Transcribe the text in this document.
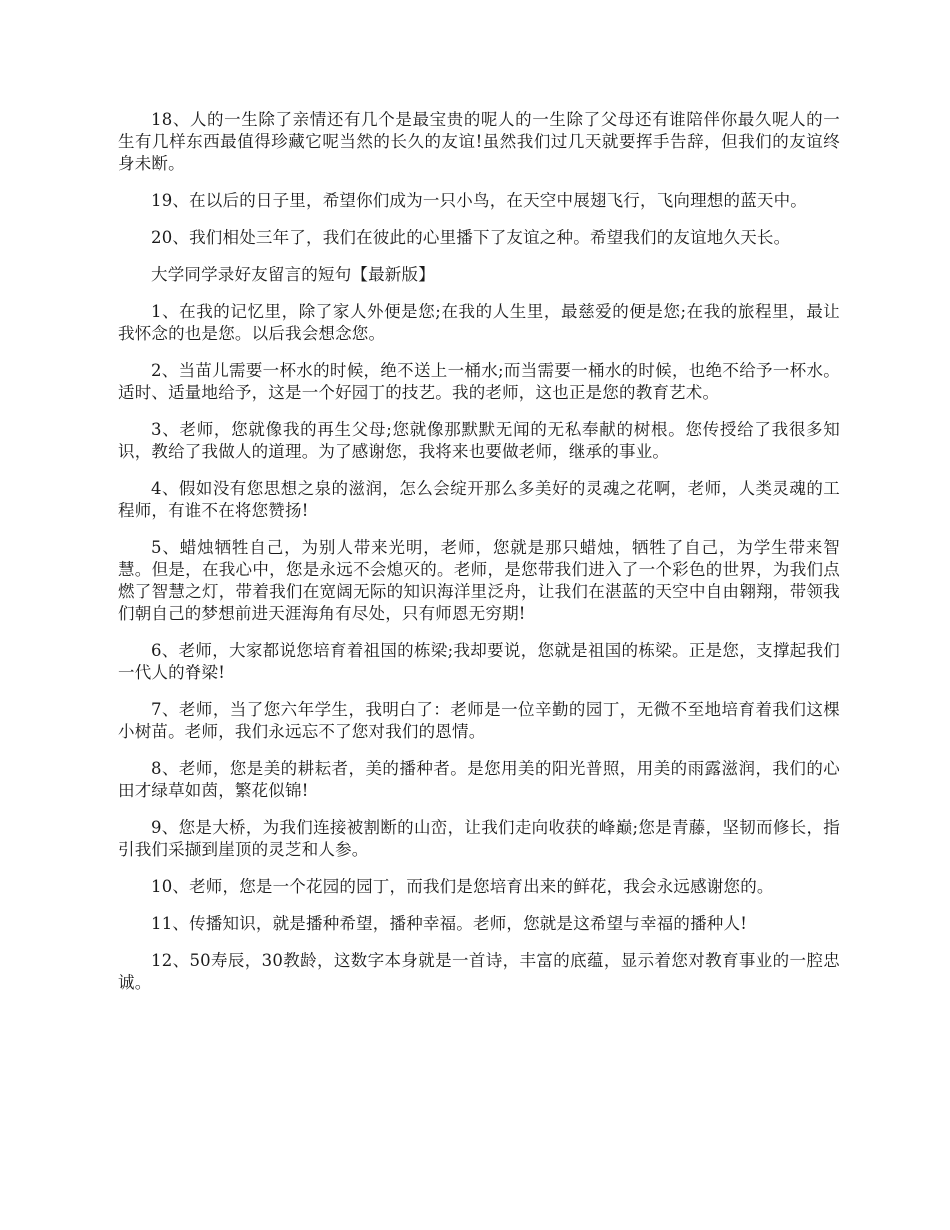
18、人的一生除了亲情还有几个是最宝贵的呢人的一生除了父母还有谁陪伴你最久呢人的一生有几样东西最值得珍藏它呢当然的长久的友谊!虽然我们过几天就要挥手告辞，但我们的友谊终身未断。

19、在以后的日子里，希望你们成为一只小鸟，在天空中展翅飞行，飞向理想的蓝天中。

20、我们相处三年了，我们在彼此的心里播下了友谊之种。希望我们的友谊地久天长。

大学同学录好友留言的短句【最新版】

1、在我的记忆里，除了家人外便是您;在我的人生里，最慈爱的便是您;在我的旅程里，最让我怀念的也是您。以后我会想念您。

2、当苗儿需要一杯水的时候，绝不送上一桶水;而当需要一桶水的时候，也绝不给予一杯水。适时、适量地给予，这是一个好园丁的技艺。我的老师，这也正是您的教育艺术。

3、老师，您就像我的再生父母;您就像那默默无闻的无私奉献的树根。您传授给了我很多知识，教给了我做人的道理。为了感谢您，我将来也要做老师，继承的事业。

4、假如没有您思想之泉的滋润，怎么会绽开那么多美好的灵魂之花啊，老师，人类灵魂的工程师，有谁不在将您赞扬!

5、蜡烛牺牲自己，为别人带来光明，老师，您就是那只蜡烛，牺牲了自己，为学生带来智慧。但是，在我心中，您是永远不会熄灭的。老师，是您带我们进入了一个彩色的世界，为我们点燃了智慧之灯，带着我们在宽阔无际的知识海洋里泛舟，让我们在湛蓝的天空中自由翱翔，带领我们朝自己的梦想前进天涯海角有尽处，只有师恩无穷期!

6、老师，大家都说您培育着祖国的栋梁;我却要说，您就是祖国的栋梁。正是您，支撑起我们一代人的脊梁!

7、老师，当了您六年学生，我明白了：老师是一位辛勤的园丁，无微不至地培育着我们这棵小树苗。老师，我们永远忘不了您对我们的恩情。

8、老师，您是美的耕耘者，美的播种者。是您用美的阳光普照，用美的雨露滋润，我们的心田才绿草如茵，繁花似锦!

9、您是大桥，为我们连接被割断的山峦，让我们走向收获的峰巅;您是青藤，坚韧而修长，指引我们采撷到崖顶的灵芝和人参。

10、老师，您是一个花园的园丁，而我们是您培育出来的鲜花，我会永远感谢您的。

11、传播知识，就是播种希望，播种幸福。老师，您就是这希望与幸福的播种人!

12、50寿辰，30教龄，这数字本身就是一首诗，丰富的底蕴，显示着您对教育事业的一腔忠诚。
